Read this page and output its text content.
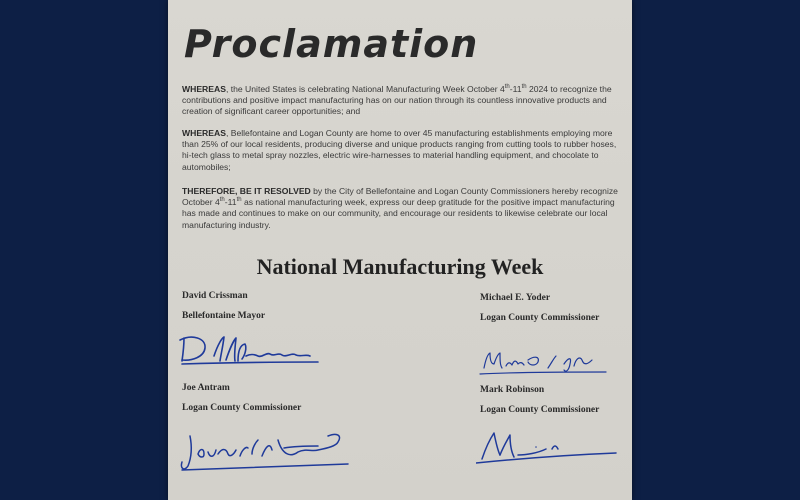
Proclamation

WHEREAS, the United States is celebrating National Manufacturing Week October 4th-11th 2024 to recognize the contributions and positive impact manufacturing has on our nation through its countless innovative products and creation of significant career opportunities; and

WHEREAS, Bellefontaine and Logan County are home to over 45 manufacturing establishments employing more than 25% of our local residents, producing diverse and unique products ranging from cutting tools to rubber hoses, hi-tech glass to metal spray nozzles, electric wire-harnesses to material handling equipment, and chocolate to automobiles;

THEREFORE, BE IT RESOLVED by the City of Bellefontaine and Logan County Commissioners hereby recognize October 4th-11th as national manufacturing week, express our deep gratitude for the positive impact manufacturing has made and continues to make on our community, and encourage our residents to likewise celebrate our local manufacturing industry.

National Manufacturing Week
David Crissman
Bellefontaine Mayor
Michael E. Yoder
Logan County Commissioner
Joe Antram
Logan County Commissioner
Mark Robinson
Logan County Commissioner
